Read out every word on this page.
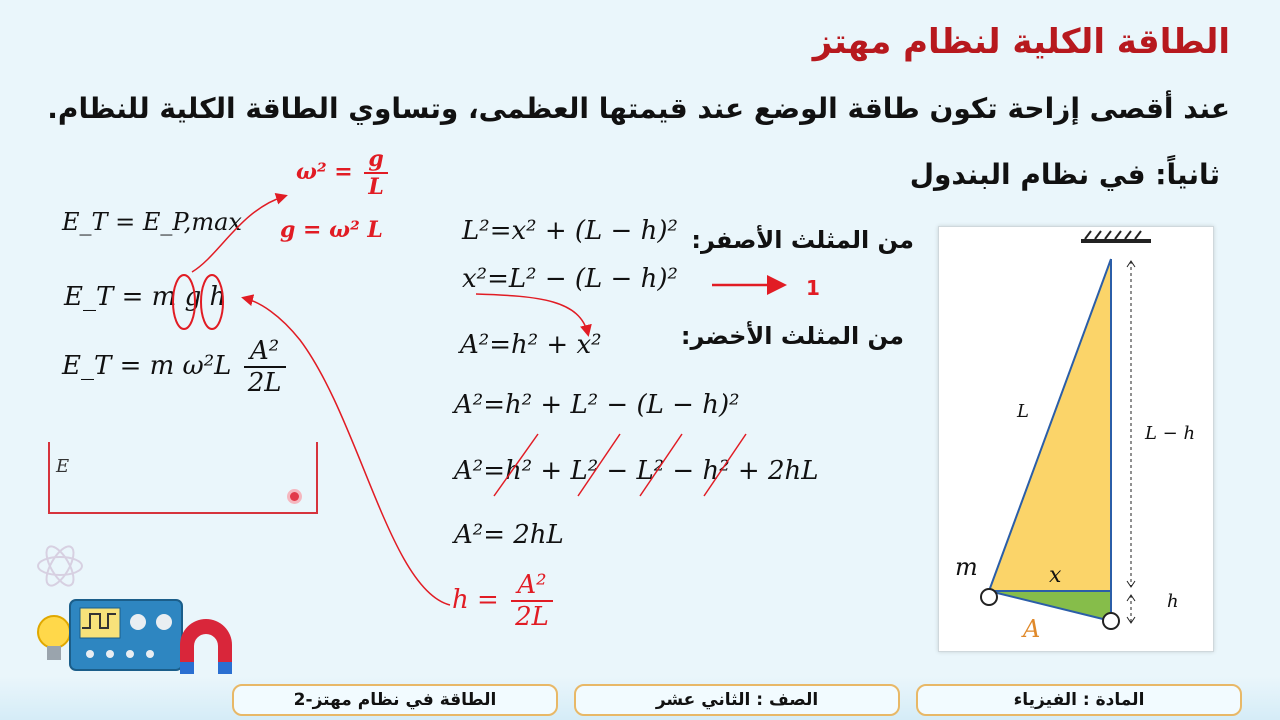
الطاقة الكلية لنظام مهتز
عند أقصى إزاحة تكون طاقة الوضع عند قيمتها العظمى، وتساوي الطاقة الكلية للنظام.
ثانياً: في نظام البندول
E_T = E_P,max
E_T = m g h
E_T = m $\omega^2L \frac{\text{A²}}{2L}$
E
$\omega^2 = \frac{g}{L}$
g = ω² L
$h = \frac{\text{A²}}{2L}$
1
L²=x² + (L − h)²
x²=L² − (L − h)²
A²=h² + x²
A²=h² + L² − (L − h)²
A²=h² + L² − L² − h² + 2hL
A²= 2hL
من المثلث الأصفر:
من المثلث الأخضر:
L
L − h
m	x
h
A
المادة : الفيزياء
الصف : الثاني عشر
الطاقة في نظام مهتز-2
